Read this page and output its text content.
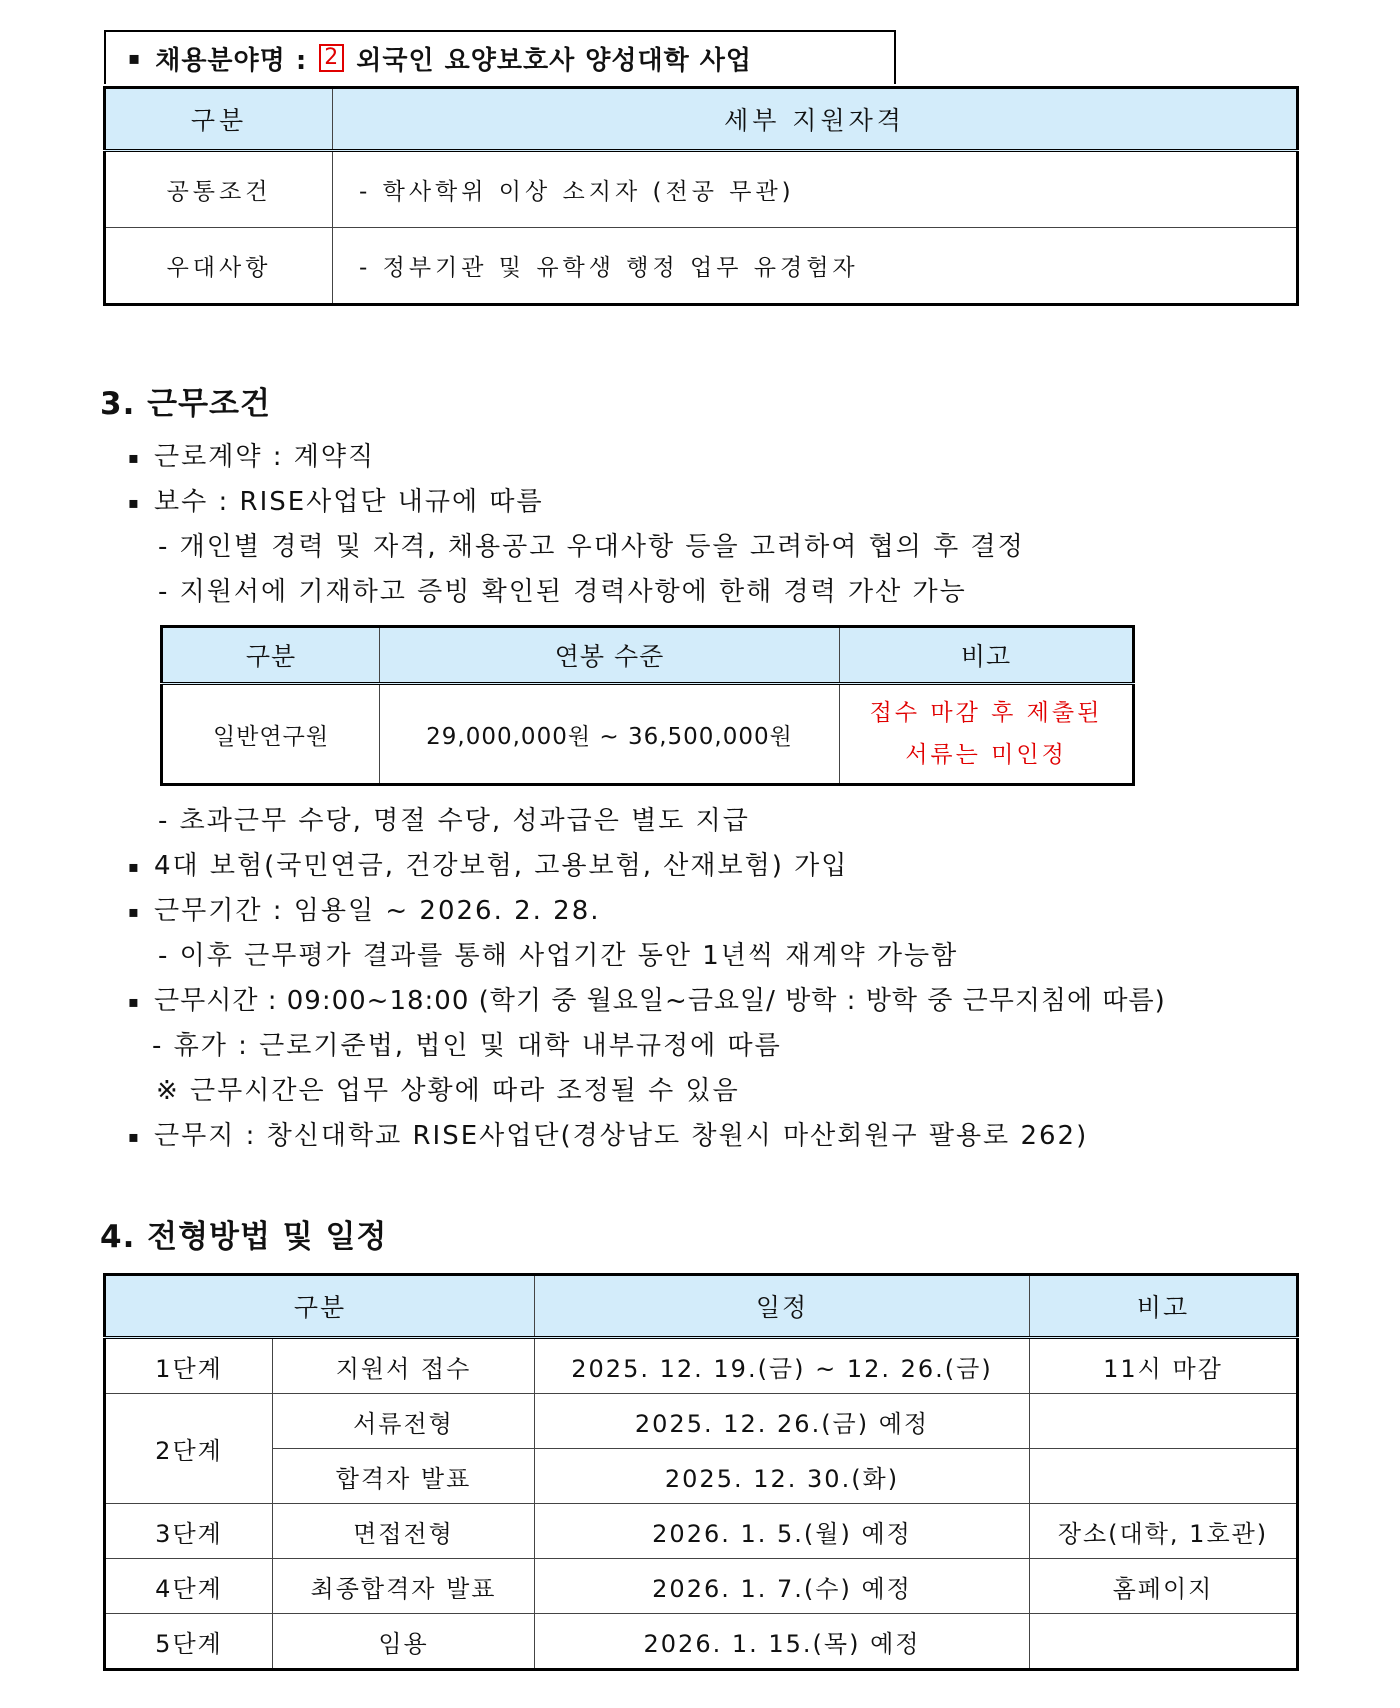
▪ 채용분야명 : 2 외국인 요양보호사 양성대학 사업
구분	세부 지원자격
공통조건	- 학사학위 이상 소지자 (전공 무관)
우대사항	- 정부기관 및 유학생 행정 업무 유경험자
3. 근무조건
▪ 근로계약 : 계약직
▪ 보수 : RISE사업단 내규에 따름
- 개인별 경력 및 자격, 채용공고 우대사항 등을 고려하여 협의 후 결정
- 지원서에 기재하고 증빙 확인된 경력사항에 한해 경력 가산 가능
구분	연봉 수준	비고
일반연구원	29,000,000원 ~ 36,500,000원	접수 마감 후 제출된
서류는 미인정
- 초과근무 수당, 명절 수당, 성과급은 별도 지급
▪ 4대 보험(국민연금, 건강보험, 고용보험, 산재보험) 가입
▪ 근무기간 : 임용일 ~ 2026. 2. 28.
- 이후 근무평가 결과를 통해 사업기간 동안 1년씩 재계약 가능함
▪ 근무시간 : 09:00~18:00 (학기 중 월요일~금요일/ 방학 : 방학 중 근무지침에 따름)
- 휴가 : 근로기준법, 법인 및 대학 내부규정에 따름
※ 근무시간은 업무 상황에 따라 조정될 수 있음
▪ 근무지 : 창신대학교 RISE사업단(경상남도 창원시 마산회원구 팔용로 262)
4. 전형방법 및 일정
구분		일정	비고
1단계	지원서 접수	2025. 12. 19.(금) ~ 12. 26.(금)	11시 마감
2단계	서류전형	2025. 12. 26.(금) 예정	
	합격자 발표	2025. 12. 30.(화)	
3단계	면접전형	2026. 1. 5.(월) 예정	장소(대학, 1호관)
4단계	최종합격자 발표	2026. 1. 7.(수) 예정	홈페이지
5단계	임용	2026. 1. 15.(목) 예정	
